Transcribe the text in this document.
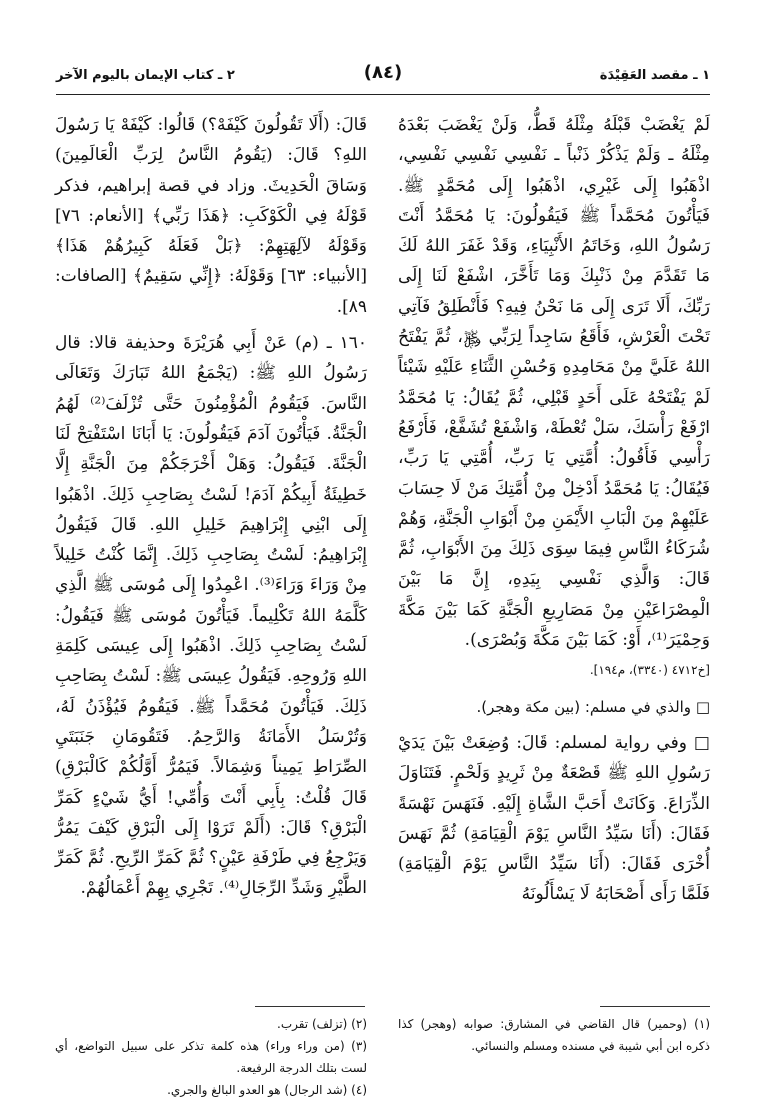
١ ـ مقصد العَقِيْدَة
(٨٤)
٢ ـ كتاب الإيمان باليوم الآخر

لَمْ يَغْضَبْ قَبْلَهُ مِثْلَهُ قَطُّ، وَلَنْ يَغْضَبَ بَعْدَهُ مِثْلَهُ ـ وَلَمْ يَذْكُرْ ذَنْباً ـ نَفْسِي نَفْسِي نَفْسِي، اذْهَبُوا إِلَى غَيْرِي، اذْهَبُوا إِلَى مُحَمَّدٍ ﷺ. فَيَأْتُونَ مُحَمَّداً ﷺ فَيَقُولُونَ: يَا مُحَمَّدُ أَنْتَ رَسُولُ اللهِ، وَخَاتَمُ الأَنْبِيَاءِ، وَقَدْ غَفَرَ اللهُ لَكَ مَا تَقَدَّمَ مِنْ ذَنْبِكَ وَمَا تَأَخَّرَ، اشْفَعْ لَنَا إِلَى رَبِّكَ، أَلَا تَرَى إِلَى مَا نَحْنُ فِيهِ؟ فَأَنْطَلِقُ فَآتِي تَحْتَ الْعَرْشِ، فَأَقَعُ سَاجِداً لِرَبِّي ﷿، ثُمَّ يَفْتَحُ اللهُ عَلَيَّ مِنْ مَحَامِدِهِ وَحُسْنِ الثَّنَاءِ عَلَيْهِ شَيْئاً لَمْ يَفْتَحْهُ عَلَى أَحَدٍ قَبْلِي، ثُمَّ يُقَالُ: يَا مُحَمَّدُ ارْفَعْ رَأْسَكَ، سَلْ تُعْطَهْ، وَاشْفَعْ تُشَفَّعْ، فَأَرْفَعُ رَأْسِي فَأَقُولُ: أُمَّتِي يَا رَبِّ، أُمَّتِي يَا رَبِّ، فَيُقَالُ: يَا مُحَمَّدُ أَدْخِلْ مِنْ أُمَّتِكَ مَنْ لَا حِسَابَ عَلَيْهِمْ مِنَ الْبَابِ الأَيْمَنِ مِنْ أَبْوَابِ الْجَنَّةِ، وَهُمْ شُرَكَاءُ النَّاسِ فِيمَا سِوَى ذَلِكَ مِنَ الأَبْوَابِ، ثُمَّ قَالَ: وَالَّذِي نَفْسِي بِيَدِهِ، إِنَّ مَا بَيْنَ الْمِصْرَاعَيْنِ مِنْ مَصَارِيعِ الْجَنَّةِ كَمَا بَيْنَ مَكَّةَ وَحِمْيَرَ⁽¹⁾، أَوْ: كَمَا بَيْنَ مَكَّةَ وَبُصْرَى).

[خ٤٧١٢ (٣٣٤٠)، م١٩٤].

□ والذي في مسلم: (بين مكة وهجر).

□ وفي رواية لمسلم: قَالَ: وُضِعَتْ بَيْنَ يَدَيْ رَسُولِ اللهِ ﷺ قَصْعَةٌ مِنْ ثَرِيدٍ وَلَحْمٍ. فَتَنَاوَلَ الذِّرَاعَ. وَكَانَتْ أَحَبَّ الشَّاةِ إِلَيْهِ. فَنَهَسَ نَهْسَةً فَقَالَ: (أَنَا سَيِّدُ النَّاسِ يَوْمَ الْقِيَامَةِ) ثُمَّ نَهَسَ أُخْرَى فَقَالَ: (أَنَا سَيِّدُ النَّاسِ يَوْمَ الْقِيَامَةِ) فَلَمَّا رَأَى أَصْحَابَهُ لَا يَسْأَلُونَهُ

قَالَ: (أَلَا تَقُولُونَ كَيْفَهْ؟) قَالُوا: كَيْفَهْ يَا رَسُولَ اللهِ؟ قَالَ: (يَقُومُ النَّاسُ لِرَبِّ الْعَالَمِينَ) وَسَاقَ الْحَدِيثَ. وزاد في قصة إبراهيم، فذكر قَوْلَهُ فِي الْكَوْكَبِ: ﴿هَذَا رَبِّي﴾ [الأنعام: ٧٦] وَقَوْلَهُ لآلِهَتِهِمْ: ﴿بَلْ فَعَلَهُ كَبِيرُهُمْ هَذَا﴾ [الأنبياء: ٦٣] وَقَوْلَهُ: ﴿إِنِّي سَقِيمٌ﴾ [الصافات: ٨٩].

١٦٠ ـ (م) عَنْ أَبِي هُرَيْرَةَ وحذيفة قالا: قال رَسُولُ اللهِ ﷺ: (يَجْمَعُ اللهُ تَبَارَكَ وَتَعَالَى النَّاسَ. فَيَقُومُ الْمُؤْمِنُونَ حَتَّى تُزْلَفَ⁽²⁾ لَهُمُ الْجَنَّةُ. فَيَأْتُونَ آدَمَ فَيَقُولُونَ: يَا أَبَانَا اسْتَفْتِحْ لَنَا الْجَنَّةَ. فَيَقُولُ: وَهَلْ أَخْرَجَكُمْ مِنَ الْجَنَّةِ إِلَّا خَطِيئَةُ أَبِيكُمْ آدَمَ! لَسْتُ بِصَاحِبِ ذَلِكَ. اذْهَبُوا إِلَى ابْنِي إِبْرَاهِيمَ خَلِيلِ اللهِ. قَالَ فَيَقُولُ إِبْرَاهِيمُ: لَسْتُ بِصَاحِبِ ذَلِكَ. إِنَّمَا كُنْتُ خَلِيلاً مِنْ وَرَاءَ وَرَاءَ⁽³⁾. اعْمِدُوا إِلَى مُوسَى ﷺ الَّذِي كَلَّمَهُ اللهُ تَكْلِيماً. فَيَأْتُونَ مُوسَى ﷺ فَيَقُولُ: لَسْتُ بِصَاحِبِ ذَلِكَ. اذْهَبُوا إِلَى عِيسَى كَلِمَةِ اللهِ وَرُوحِهِ. فَيَقُولُ عِيسَى ﷺ: لَسْتُ بِصَاحِبِ ذَلِكَ. فَيَأْتُونَ مُحَمَّداً ﷺ. فَيَقُومُ فَيُؤْذَنُ لَهُ، وَتُرْسَلُ الأَمَانَةُ وَالرَّحِمُ. فَتَقُومَانِ جَنَبَتَيِ الصِّرَاطِ يَمِيناً وَشِمَالاً. فَيَمُرُّ أَوَّلُكُمْ كَالْبَرْقِ) قَالَ قُلْتُ: بِأَبِي أَنْتَ وَأُمِّي! أَيُّ شَيْءٍ كَمَرِّ الْبَرْقِ؟ قَالَ: (أَلَمْ تَرَوْا إِلَى الْبَرْقِ كَيْفَ يَمُرُّ وَيَرْجِعُ فِي طَرْفَةِ عَيْنٍ؟ ثُمَّ كَمَرِّ الرِّيحِ. ثُمَّ كَمَرِّ الطَّيْرِ وَشَدِّ الرِّجَالِ⁽⁴⁾. تَجْرِي بِهِمْ أَعْمَالُهُمْ.

(١) (وحمير) قال القاضي في المشارق: صوابه (وهجر) كذا ذكره ابن أبي شيبة في مسنده ومسلم والنسائي.

(٢) (تزلف) تقرب.

(٣) (من وراء وراء) هذه كلمة تذكر على سبيل التواضع، أي لست بتلك الدرجة الرفيعة.

(٤) (شد الرجال) هو العدو البالغ والجري.
